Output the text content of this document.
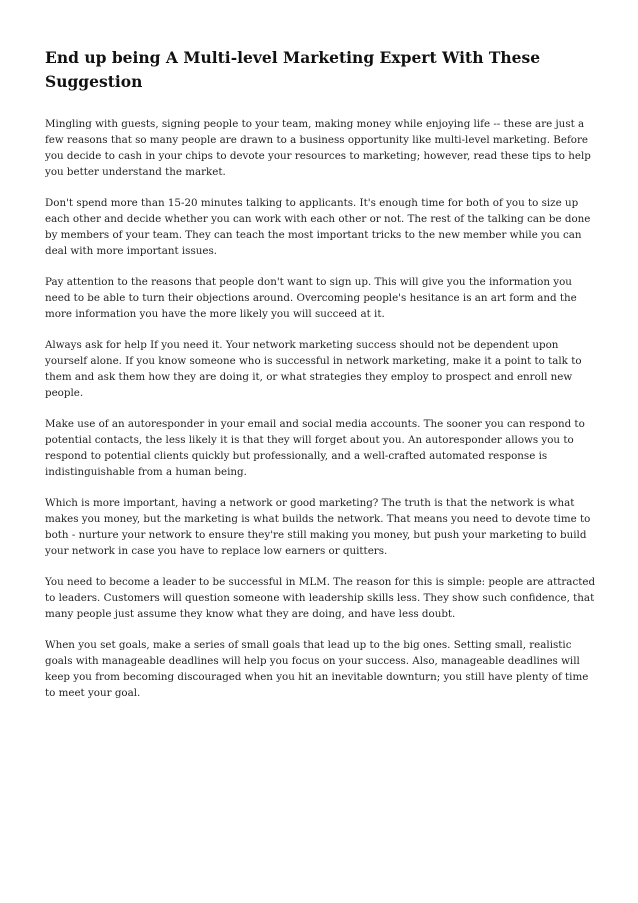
End up being A Multi-level Marketing Expert With These Suggestion

Mingling with guests, signing people to your team, making money while enjoying life -- these are just a few reasons that so many people are drawn to a business opportunity like multi-level marketing. Before you decide to cash in your chips to devote your resources to marketing; however, read these tips to help you better understand the market.

Don't spend more than 15-20 minutes talking to applicants. It's enough time for both of you to size up each other and decide whether you can work with each other or not. The rest of the talking can be done by members of your team. They can teach the most important tricks to the new member while you can deal with more important issues.

Pay attention to the reasons that people don't want to sign up. This will give you the information you need to be able to turn their objections around. Overcoming people's hesitance is an art form and the more information you have the more likely you will succeed at it.

Always ask for help If you need it. Your network marketing success should not be dependent upon yourself alone. If you know someone who is successful in network marketing, make it a point to talk to them and ask them how they are doing it, or what strategies they employ to prospect and enroll new people.

Make use of an autoresponder in your email and social media accounts. The sooner you can respond to potential contacts, the less likely it is that they will forget about you. An autoresponder allows you to respond to potential clients quickly but professionally, and a well-crafted automated response is indistinguishable from a human being.

Which is more important, having a network or good marketing? The truth is that the network is what makes you money, but the marketing is what builds the network. That means you need to devote time to both - nurture your network to ensure they're still making you money, but push your marketing to build your network in case you have to replace low earners or quitters.

You need to become a leader to be successful in MLM. The reason for this is simple: people are attracted to leaders. Customers will question someone with leadership skills less. They show such confidence, that many people just assume they know what they are doing, and have less doubt.

When you set goals, make a series of small goals that lead up to the big ones. Setting small, realistic goals with manageable deadlines will help you focus on your success. Also, manageable deadlines will keep you from becoming discouraged when you hit an inevitable downturn; you still have plenty of time to meet your goal.
